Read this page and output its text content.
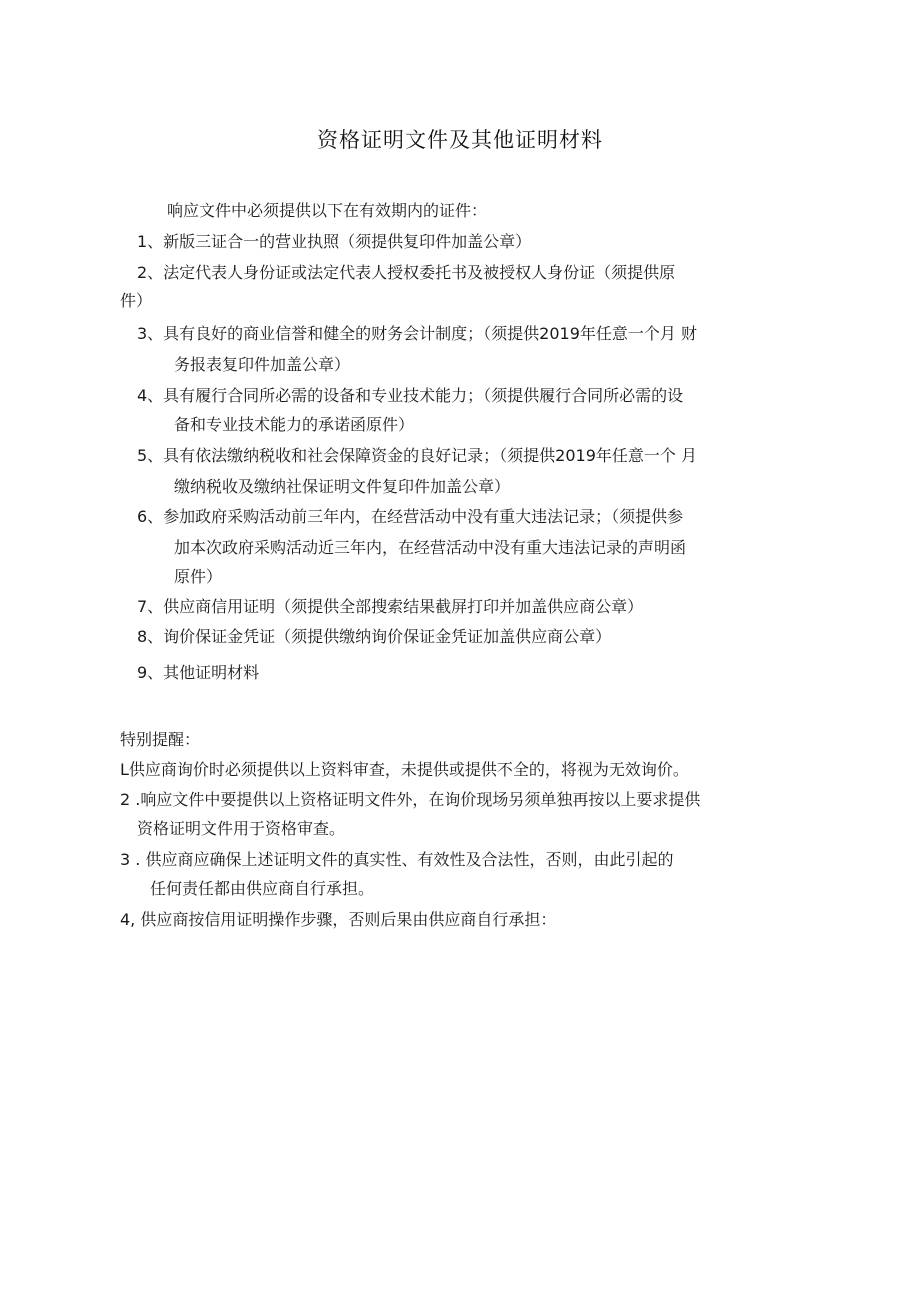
资格证明文件及其他证明材料
响应文件中必须提供以下在有效期内的证件：
1、新版三证合一的营业执照（须提供复印件加盖公章）
2、法定代表人身份证或法定代表人授权委托书及被授权人身份证（须提供原
件）
3、具有良好的商业信誉和健全的财务会计制度；（须提供2019年任意一个月 财
务报表复印件加盖公章）
4、具有履行合同所必需的设备和专业技术能力；（须提供履行合同所必需的设
备和专业技术能力的承诺函原件）
5、具有依法缴纳税收和社会保障资金的良好记录；（须提供2019年任意一个 月
缴纳税收及缴纳社保证明文件复印件加盖公章）
6、参加政府采购活动前三年内，在经营活动中没有重大违法记录；（须提供参
加本次政府采购活动近三年内，在经营活动中没有重大违法记录的声明函
原件）
7、供应商信用证明（须提供全部搜索结果截屏打印并加盖供应商公章）
8、询价保证金凭证（须提供缴纳询价保证金凭证加盖供应商公章）
9、其他证明材料
特别提醒：
L供应商询价时必须提供以上资料审查，未提供或提供不全的，将视为无效询价。
2 .响应文件中要提供以上资格证明文件外，在询价现场另须单独再按以上要求提供
资格证明文件用于资格审查。
3 . 供应商应确保上述证明文件的真实性、有效性及合法性，否则，由此引起的
任何责任都由供应商自行承担。
4, 供应商按信用证明操作步骤，否则后果由供应商自行承担：
